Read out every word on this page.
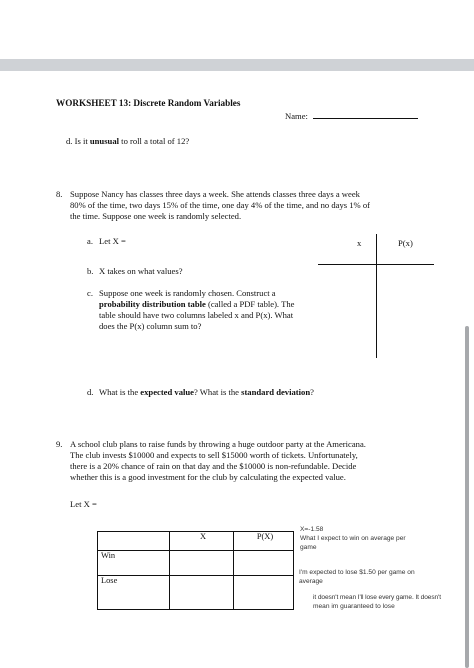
WORKSHEET 13: Discrete Random Variables
Name:
d. Is it unusual to roll a total of 12?
8. Suppose Nancy has classes three days a week. She attends classes three days a week
80% of the time, two days 15% of the time, one day 4% of the time, and no days 1% of
the time. Suppose one week is randomly selected.
a. Let X =
b. X takes on what values?
c. Suppose one week is randomly chosen. Construct a
probability distribution table (called a PDF table). The
table should have two columns labeled x and P(x). What
does the P(x) column sum to?
x	P(x)
d. What is the expected value? What is the standard deviation?
9. A school club plans to raise funds by throwing a huge outdoor party at the Americana.
The club invests $10000 and expects to sell $15000 worth of tickets. Unfortunately,
there is a 20% chance of rain on that day and the $10000 is non-refundable. Decide
whether this is a good investment for the club by calculating the expected value.
Let X =
	X	P(X)
Win		
Lose		
X=-1.58
What I expect to win on average per
game
I'm expected to lose $1.50 per game on
average
it doesn't mean I'll lose every game. It doesn't
mean im guaranteed to lose
